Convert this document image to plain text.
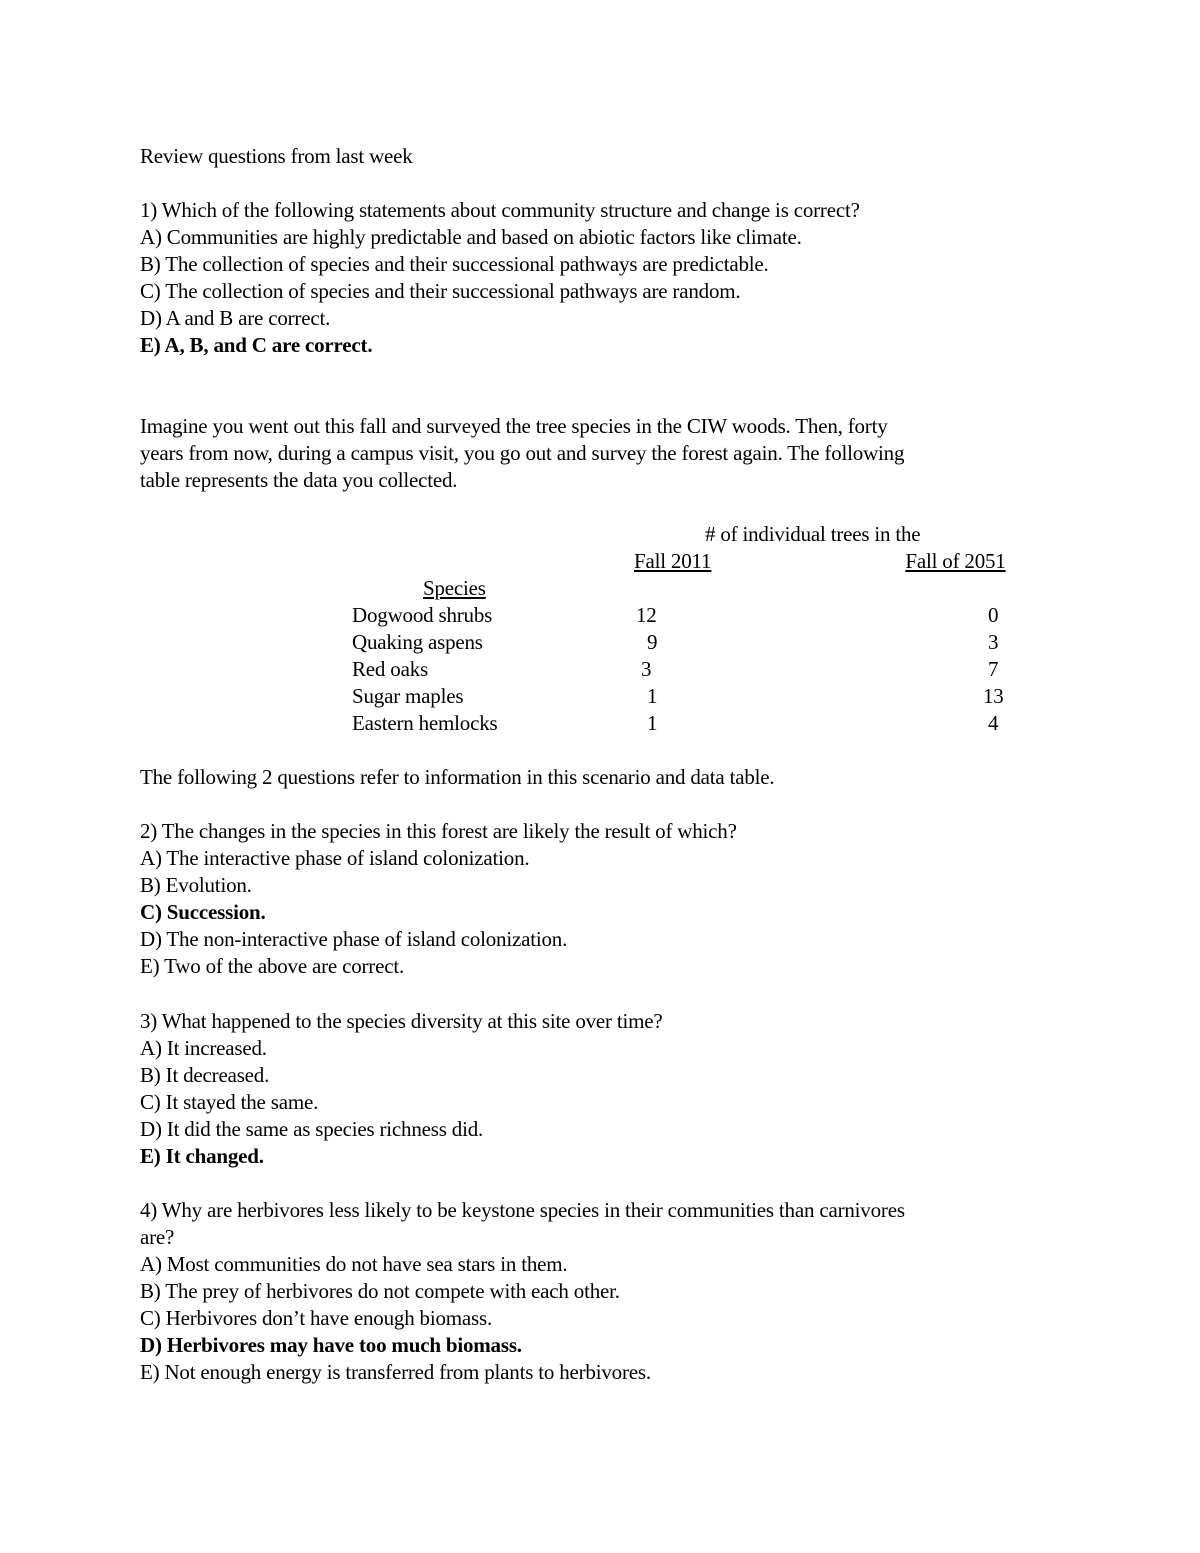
Review questions from last week
1) Which of the following statements about community structure and change is correct?
A) Communities are highly predictable and based on abiotic factors like climate.
B) The collection of species and their successional pathways are predictable.
C) The collection of species and their successional pathways are random.
D) A and B are correct.
E) A, B, and C are correct.
Imagine you went out this fall and surveyed the tree species in the CIW woods. Then, forty
years from now, during a campus visit, you go out and survey the forest again. The following
table represents the data you collected.
# of individual trees in the
Fall 2011	Fall of 2051
Species
Dogwood shrubs	12	0
Quaking aspens	9	3
Red oaks	3	7
Sugar maples	1	13
Eastern hemlocks	1	4
The following 2 questions refer to information in this scenario and data table.
2) The changes in the species in this forest are likely the result of which?
A) The interactive phase of island colonization.
B) Evolution.
C) Succession.
D) The non-interactive phase of island colonization.
E) Two of the above are correct.
3) What happened to the species diversity at this site over time?
A) It increased.
B) It decreased.
C) It stayed the same.
D) It did the same as species richness did.
E) It changed.
4) Why are herbivores less likely to be keystone species in their communities than carnivores
are?
A) Most communities do not have sea stars in them.
B) The prey of herbivores do not compete with each other.
C) Herbivores don’t have enough biomass.
D) Herbivores may have too much biomass.
E) Not enough energy is transferred from plants to herbivores.
